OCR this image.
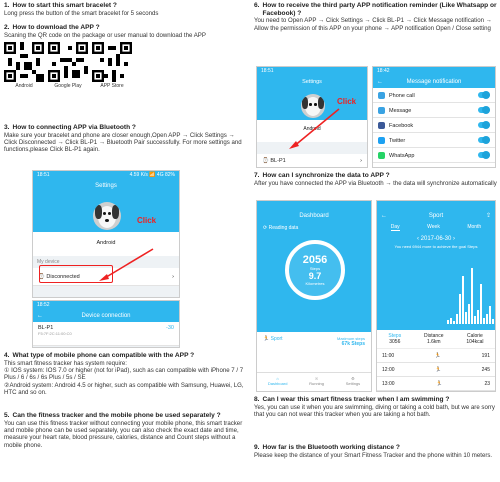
1. How to start this smart bracelet ?
Long press the button of the smart bracelet for 5 seconds
2. How to download the APP ?
Scaning the QR code on the package or user manual to download the APP
Android	Google Play	APP Store
3. How to connecting APP via Bluetooth ?
Make sure your bracelet and phone are closer enough,Open APP → Click Settings → Click Disconnected → Click BL-P1 → Bluetooth Pair successfully. For more settings and functions,please Click BL-P1 again.
18:51	4.59 K/s 📶 4G 82%
Settings
Android
Click
My device
⌚ Disconnected	›
18:52
←	Device connection
BL-P1
F5:7F:2C:11:00:C0
-30
4. What type of mobile phone can compatible with the APP ?
This smart fitness tracker has system require:
① IOS system: IOS 7.0 or higher (not for iPad), such as can compatible with iPhone 7 / 7 Plus / 6 / 6s / 6s Plus / 5s / SE
②Android system: Android 4.5 or higher, such as compatible with Samsung, Huawei, LG, HTC and so on.
5. Can the fitness tracker and the mobile phone be used separately ?
You can use this fitness tracker without connecting your mobile phone, this smart tracker and mobile phone can be used separately, you can also check the exact date and time, measure your heart rate, blood pressure, calories, distance and Count steps without a mobile phone.
6. How to receive the third party APP notification reminder (Like Whatsapp or Facebook) ?
You need to Open APP → Click Settings → Click BL-P1 → Click Message notification → Allow the permission of this APP on your phone → APP notification Open / Close setting
18:51
Settings
Android
Click
⌚ BL-P1	›
18:42
←	Message notification
Phone call
Message
Facebook
Twitter
WhatsApp
7. How can I synchronize the data to APP ?
After you have connected the APP via Bluetooth → the data will synchronize automatically
Dashboard
⟳ Reading data
2056
Steps
9.7
Kilometres
🏃 Sport	Maximum steps
67k Steps
⌂
Dashboard
☉
Running
⚙
Settings
←	Sport	⇪
Day	Week	Month
‹ 2017-06-30 ›
You need 6944 more to achieve the goal Steps
Steps
3056
Distance
1.6km
Calorie
104kcal
11:00	🏃	191
12:00	🏃	245
13:00	🏃	23
8. Can I wear this smart fitness tracker when I am swimming ?
Yes, you can use it when you are swimming, diving or taking a cold bath, but we are sorry that you can not wear this tracker when you are taking a hot bath.
9. How far is the Bluetooth working distance ?
Please keep the distance of your Smart Fitness Tracker and the phone within 10 meters.
